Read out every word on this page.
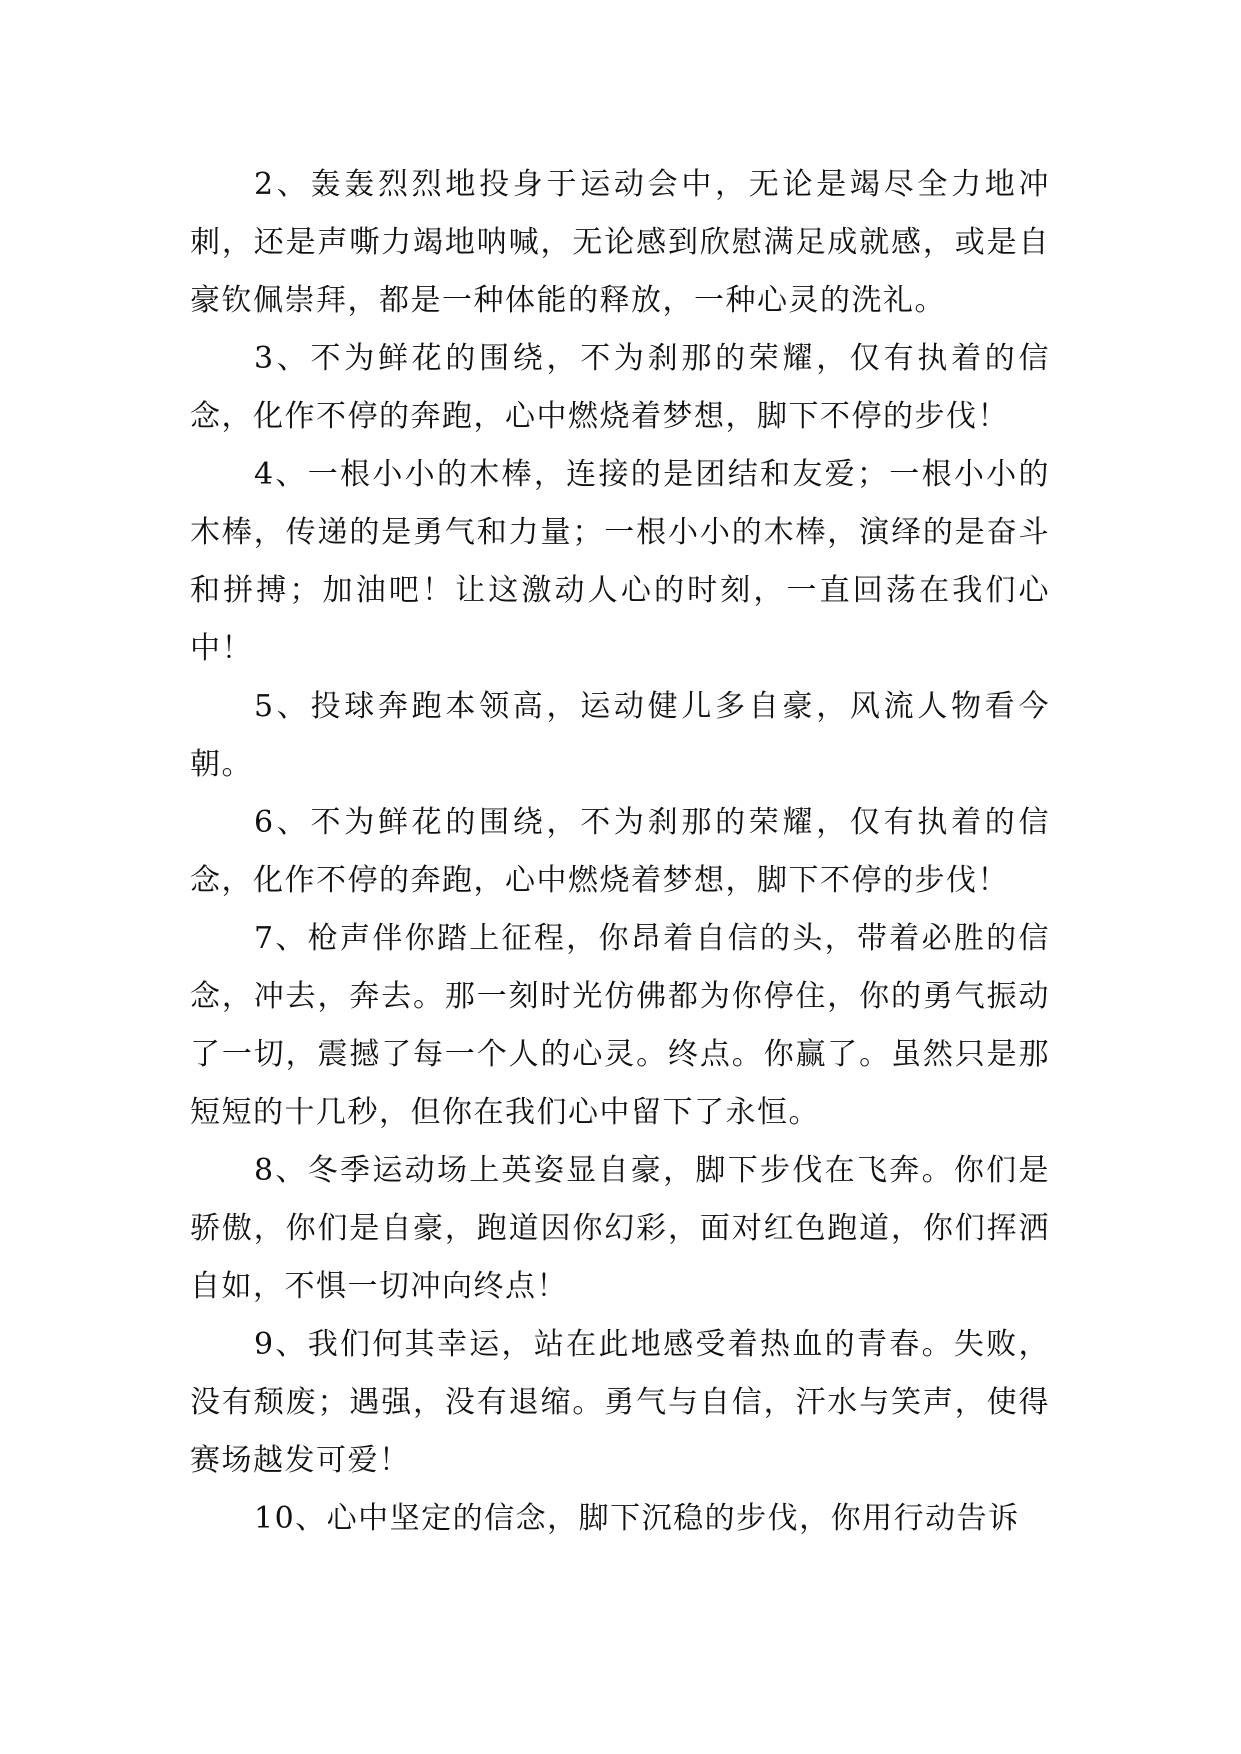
2、轰轰烈烈地投身于运动会中，无论是竭尽全力地冲刺，还是声嘶力竭地呐喊，无论感到欣慰满足成就感，或是自豪钦佩崇拜，都是一种体能的释放，一种心灵的洗礼。

3、不为鲜花的围绕，不为刹那的荣耀，仅有执着的信念，化作不停的奔跑，心中燃烧着梦想，脚下不停的步伐！

4、一根小小的木棒，连接的是团结和友爱；一根小小的木棒，传递的是勇气和力量；一根小小的木棒，演绎的是奋斗和拼搏；加油吧！让这激动人心的时刻，一直回荡在我们心中！

5、投球奔跑本领高，运动健儿多自豪，风流人物看今朝。

6、不为鲜花的围绕，不为刹那的荣耀，仅有执着的信念，化作不停的奔跑，心中燃烧着梦想，脚下不停的步伐！

7、枪声伴你踏上征程，你昂着自信的头，带着必胜的信念，冲去，奔去。那一刻时光仿佛都为你停住，你的勇气振动了一切，震撼了每一个人的心灵。终点。你赢了。虽然只是那短短的十几秒，但你在我们心中留下了永恒。

8、冬季运动场上英姿显自豪，脚下步伐在飞奔。你们是骄傲，你们是自豪，跑道因你幻彩，面对红色跑道，你们挥洒自如，不惧一切冲向终点！

9、我们何其幸运，站在此地感受着热血的青春。失败，没有颓废；遇强，没有退缩。勇气与自信，汗水与笑声，使得赛场越发可爱！

10、心中坚定的信念，脚下沉稳的步伐，你用行动告诉
